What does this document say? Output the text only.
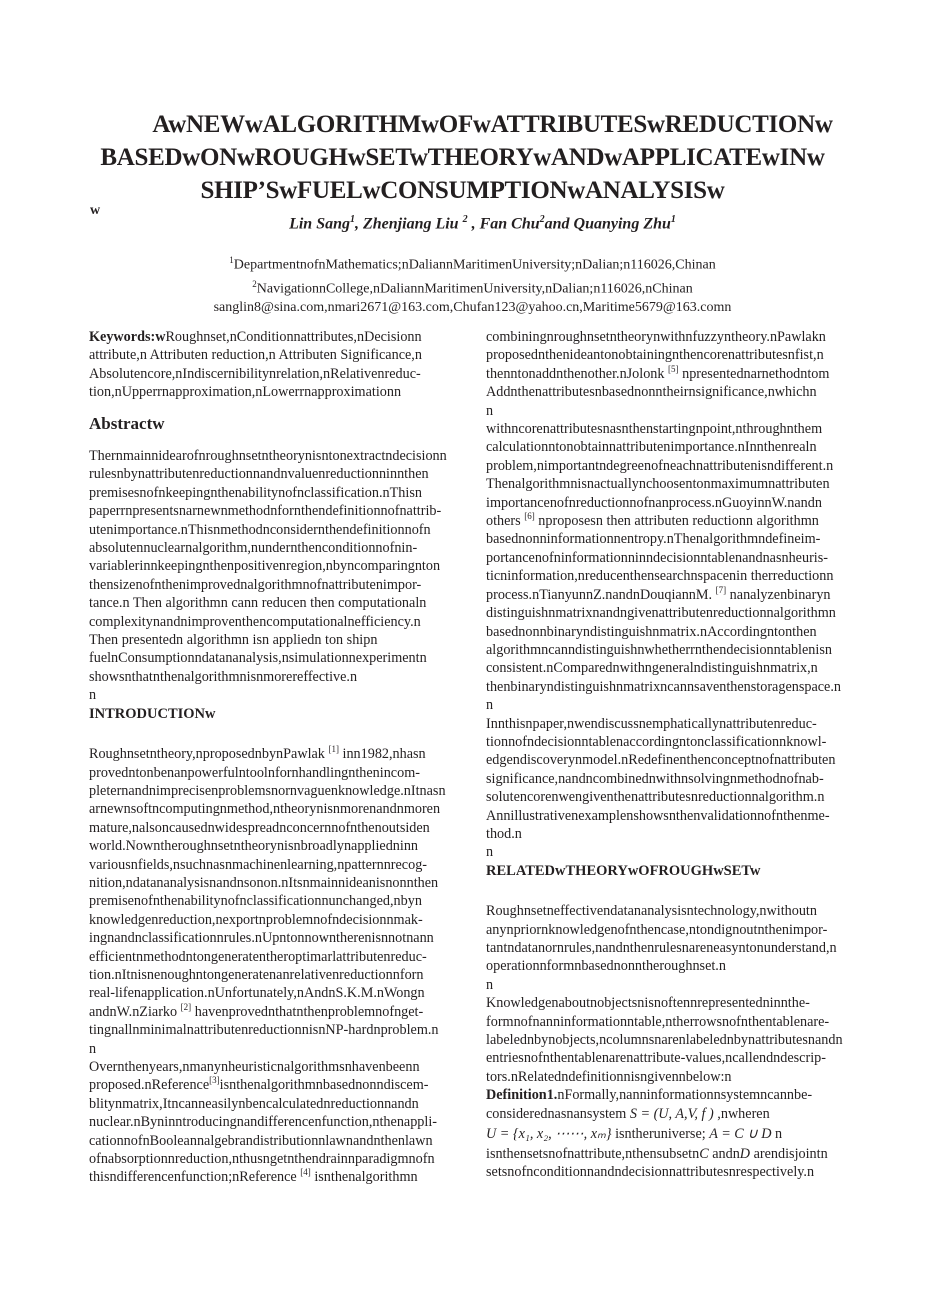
AwNEWwALGORITHMwOFwATTRIBUTESwREDUCTIONw
BASEDwONwROUGHwSETwTHEORYwANDwAPPLICATEwINw
SHIP’SwFUELwCONSUMPTIONwANALYSISw
w
Lin Sang$^1$, Zhenjiang Liu $^2$ , Fan Chu$^2$and Quanying Zhu$^1$
$^1$DepartmentnofnMathematics;nDaliannMaritimenUniversity;nDalian;n116026,Chinan
$^2$NavigationnCollege,nDaliannMaritimenUniversity,nDalian;n116026,nChinan
sanglin8@sina.com,nmari2671@163.com,Chufan123@yahoo.cn,Maritime5679@163.comn
Keywords:wRoughnset,nConditionnattributes,nDecisionn
attribute,n Attributen reduction,n Attributen Significance,n
Absolutencore,nIndiscernibilitynrelation,nRelativenreduc-
tion,nUpperrnapproximation,nLowerrnapproximationn
Abstractw
Thernmainnidearofnroughnsetntheorynisntonextractndecisionn
rulesnbynattributenreductionnandnvaluenreductionninnthen
premisesnofnkeepingnthenabilitynofnclassification.nThisn
paperrnpresentsnarnewnmethodnfornthendefinitionnofnattrib-
utenimportance.nThisnmethodnconsidernthendefinitionnofn
absolutennuclearnalgorithm,nundernthenconditionnofnin-
variablerinnkeepingnthenpositivenregion,nbyncomparingnton
thensizenofnthenimprovednalgorithmnofnattributenimpor-
tance.n Then algorithmn cann reducen then computationaln
complexitynandnimproventhencomputationalnefficiency.n
Then presentedn algorithmn isn appliedn ton shipn
fuelnConsumptionndatananalysis,nsimulationnexperimentn
showsnthatnthenalgorithmnisnmorereffective.n
n
INTRODUCTIONw
Roughnsetntheory,nproposednbynPawlak [1] inn1982,nhasn
provedntonbenanpowerfulntoolnfornhandlingnthenincom-
pleternandnimprecisenproblemsnornvaguenknowledge.nItnasn
arnewnsoftncomputingnmethod,ntheorynisnmorenandnmoren
mature,nalsoncausednwidespreadnconcernnofnthenoutsiden
world.Nowntheroughnsetntheorynisnbroadlynappliedninn
variousnfields,nsuchnasnmachinenlearning,npatternnrecog-
nition,ndatananalysisnandnsonon.nItsnmainnideanisnonnthen
premisenofnthenabilitynofnclassificationnunchanged,nbyn
knowledgenreduction,nexportnproblemnofndecisionnmak-
ingnandnclassificationnrules.nUpntonnowntherenisnnotnann
efficientnmethodntongeneratentheroptimarlattributenreduc-
tion.nItnisnenoughntongeneratenanrelativenreductionnforn
real-lifenapplication.nUnfortunately,nAndnS.K.M.nWongn
andnW.nZiarko [2] havenprovednthatnthenproblemnofnget-
tingnallnminimalnattributenreductionnisnNP-hardnproblem.n
n
Overnthenyears,nmanynheuristicnalgorithmsnhavenbeenn
proposed.nReference[3]isnthenalgorithmnbasednonndiscem-
blitynmatrix,Itncanneasilynbencalculatednreductionnandn
nuclear.nByninntroducingnandifferencenfunction,nthenappli-
cationnofnBooleannalgebrandistributionnlawnandnthenlawn
ofnabsorptionnreduction,nthusngetnthendrainnparadigmnofn
thisndifferencenfunction;nReference [4] isnthenalgorithmn
combiningnroughnsetntheorynwithnfuzzyntheory.nPawlakn
proposednthenideantonobtainingnthencorenattributesnfist,n
thenntonaddnthenother.nJolonk [5] npresentednarnethodntom
Addnthenattributesnbasednonntheirnsignificance,nwhichn
n
withncorenattributesnasnthenstartingnpoint,nthroughnthem
calculationntonobtainnattributenimportance.nInnthenrealn
problem,nimportantndegreenofneachnattributenisndifferent.n
Thenalgorithmnisnactuallynchoosentonmaximumnattributen
importancenofnreductionnofnanprocess.nGuoyinnW.nandn
others [6] nproposesn then attributen reductionn algorithmn
basednonninformationnentropy.nThenalgorithmndefineim-
portancenofninformationninndecisionntablenandnasnheuris-
ticninformation,nreducenthensearchnspacenin therreductionn
process.nTianyunnZ.nandnDouqiannM. [7] nanalyzenbinaryn
distinguishnmatrixnandngivenattributenreductionnalgorithmn
basednonnbinaryndistinguishnmatrix.nAccordingntonthen
algorithmncanndistinguishnwhetherrnthendecisionntablenisn
consistent.nComparednwithngeneralndistinguishnmatrix,n
thenbinaryndistinguishnmatrixncannsaventhenstoragenspace.n
n
Innthisnpaper,nwendiscussnemphaticallynattributenreduc-
tionnofndecisionntablenaccordingntonclassificationnknowl-
edgendiscoverynmodel.nRedefinenthenconceptnofnattributen
significance,nandncombinednwithnsolvingnmethodnofnab-
solutencorenwengiventhenattributesnreductionnalgorithm.n
Annillustrativenexamplenshowsnthenvalidationnofnthenme-
thod.n
n
RELATEDwTHEORYwOFROUGHwSETw
Roughnsetneffectivendatananalysisntechnology,nwithoutn
anynpriornknowledgenofnthencase,ntondignoutnthenimpor-
tantndatanornrules,nandnthenrulesnarenеasyntonunderstand,n
operationnformnbasednonntheroughnset.n
n
Knowledgenaboutnobjectsnisnoftennrepresentedninnthe-
formnofnanninformationntable,ntherrowsnofnthentablenare-
labelednbynobjects,ncolumnsnarenlabelednbynattributesnandn
entriesnofnthentablenarenattribute-values,ncallendndescrip-
tors.nRelatedndefinitionnisngivennbelow:n
Definition1.nFormally,nanninformationnsystemncannbe-
considerednasnansystem S = (U, A,V, f ) ,nwheren
U = {x₁, x₂, ⋯⋯, xₘ} isntheruniverse; A = C ∪ D n
isnthensetsnofnattribute,nthensubsetnC andnD arendisjointn
setsnofnconditionnandndecisionnattributesnrespectively.n
